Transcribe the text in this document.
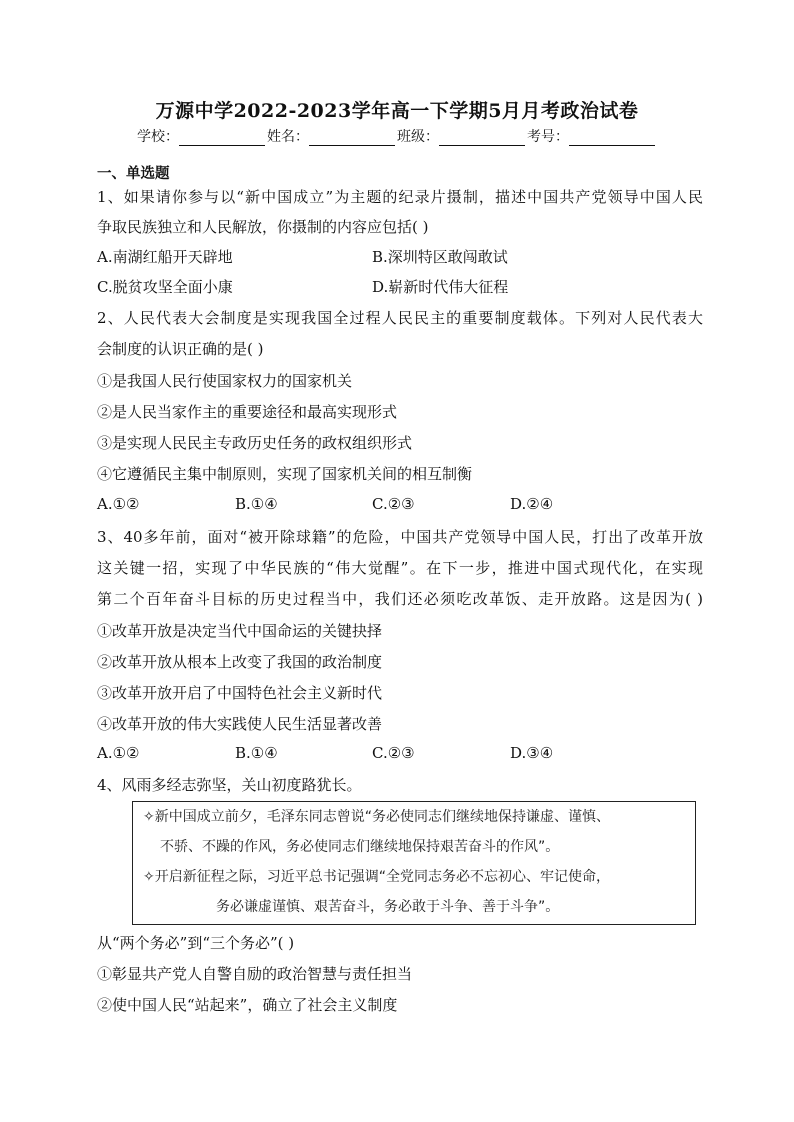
万源中学2022-2023学年高一下学期5月月考政治试卷
学校：	姓名：	班级：	考号：
一、单选题
1、如果请你参与以“新中国成立”为主题的纪录片摄制，描述中国共产党领导中国人民
争取民族独立和人民解放，你摄制的内容应包括( )
A.南湖红船开天辟地	B.深圳特区敢闯敢试
C.脱贫攻坚全面小康	D.崭新时代伟大征程
2、人民代表大会制度是实现我国全过程人民民主的重要制度载体。下列对人民代表大
会制度的认识正确的是( )
①是我国人民行使国家权力的国家机关
②是人民当家作主的重要途径和最高实现形式
③是实现人民民主专政历史任务的政权组织形式
④它遵循民主集中制原则，实现了国家机关间的相互制衡
A.①②	B.①④	C.②③	D.②④
3、40多年前，面对“被开除球籍”的危险，中国共产党领导中国人民，打出了改革开放
这关键一招，实现了中华民族的“伟大觉醒”。在下一步，推进中国式现代化，在实现
第二个百年奋斗目标的历史过程当中，我们还必须吃改革饭、走开放路。这是因为( )
①改革开放是决定当代中国命运的关键抉择
②改革开放从根本上改变了我国的政治制度
③改革开放开启了中国特色社会主义新时代
④改革开放的伟大实践使人民生活显著改善
A.①②	B.①④	C.②③	D.③④
4、风雨多经志弥坚，关山初度路犹长。
✧新中国成立前夕，毛泽东同志曾说“务必使同志们继续地保持谦虚、谨慎、
不骄、不躁的作风，务必使同志们继续地保持艰苦奋斗的作风”。
✧开启新征程之际，习近平总书记强调“全党同志务必不忘初心、牢记使命，
务必谦虚谨慎、艰苦奋斗，务必敢于斗争、善于斗争”。
从“两个务必”到“三个务必”( )
①彰显共产党人自警自励的政治智慧与责任担当
②使中国人民“站起来”，确立了社会主义制度
